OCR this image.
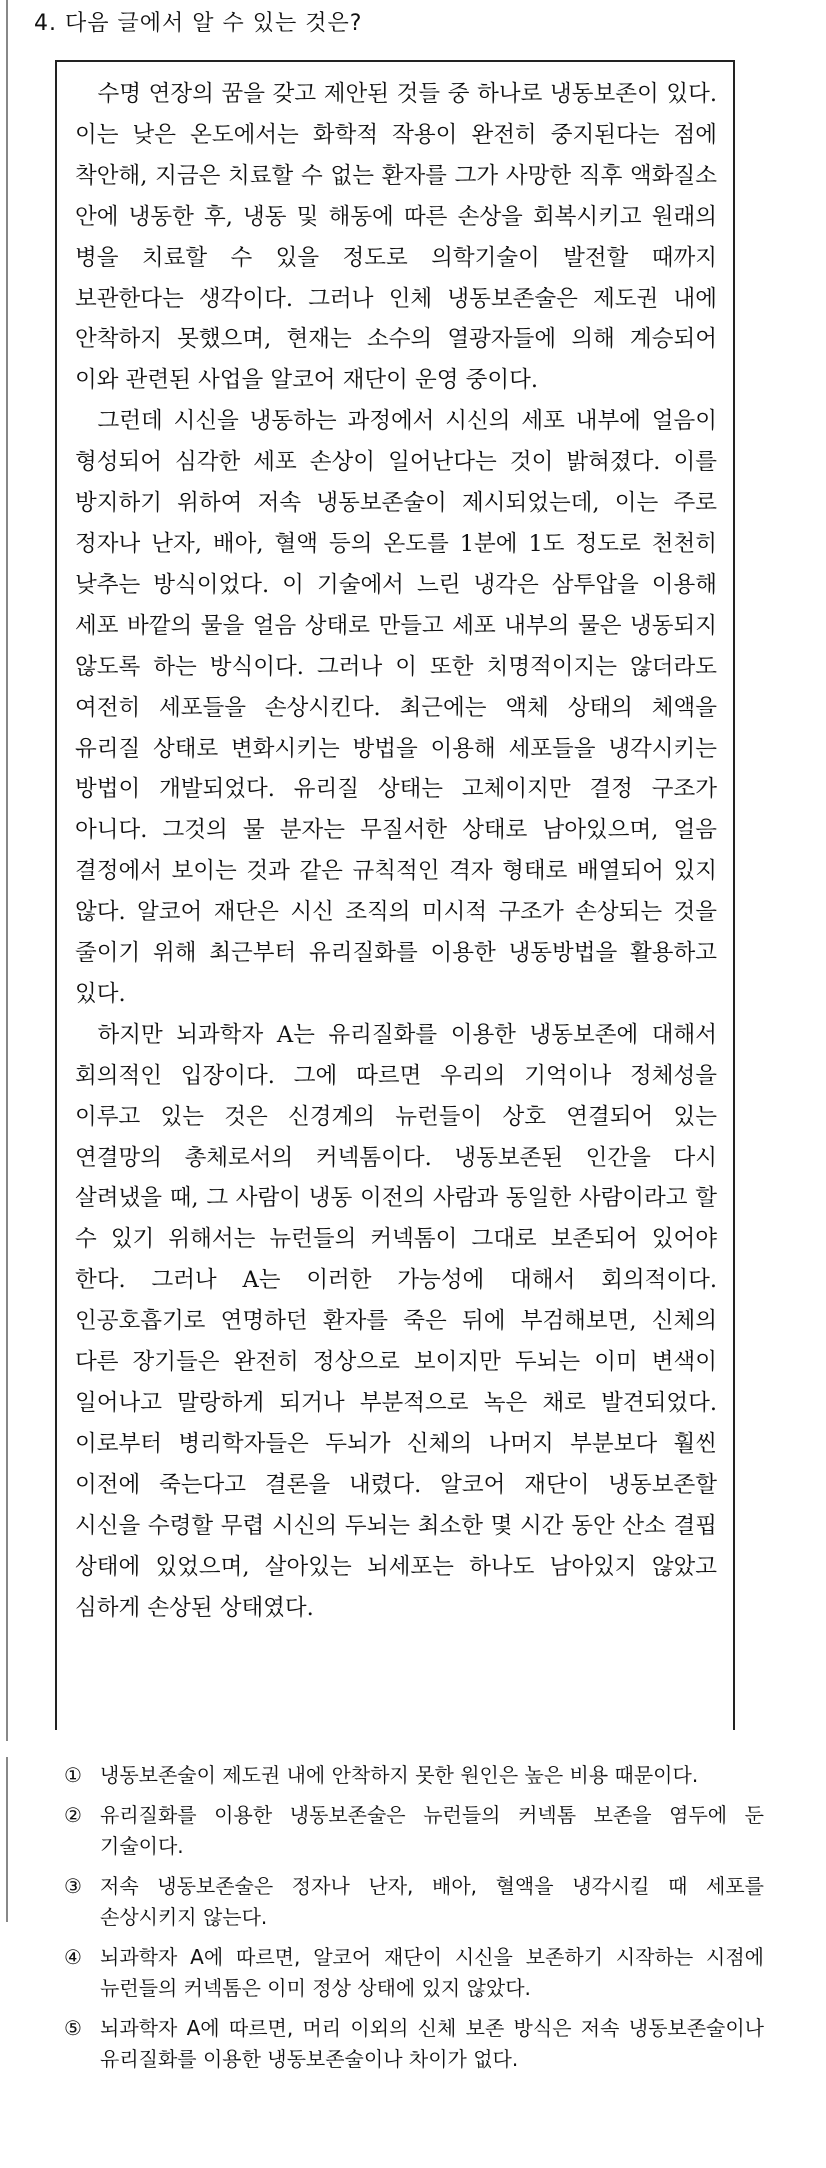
4. 다음 글에서 알 수 있는 것은?

수명 연장의 꿈을 갖고 제안된 것들 중 하나로 냉동보존이 있다. 이는 낮은 온도에서는 화학적 작용이 완전히 중지된다는 점에 착안해, 지금은 치료할 수 없는 환자를 그가 사망한 직후 액화질소 안에 냉동한 후, 냉동 및 해동에 따른 손상을 회복시키고 원래의 병을 치료할 수 있을 정도로 의학기술이 발전할 때까지 보관한다는 생각이다. 그러나 인체 냉동보존술은 제도권 내에 안착하지 못했으며, 현재는 소수의 열광자들에 의해 계승되어 이와 관련된 사업을 알코어 재단이 운영 중이다.

그런데 시신을 냉동하는 과정에서 시신의 세포 내부에 얼음이 형성되어 심각한 세포 손상이 일어난다는 것이 밝혀졌다. 이를 방지하기 위하여 저속 냉동보존술이 제시되었는데, 이는 주로 정자나 난자, 배아, 혈액 등의 온도를 1분에 1도 정도로 천천히 낮추는 방식이었다. 이 기술에서 느린 냉각은 삼투압을 이용해 세포 바깥의 물을 얼음 상태로 만들고 세포 내부의 물은 냉동되지 않도록 하는 방식이다. 그러나 이 또한 치명적이지는 않더라도 여전히 세포들을 손상시킨다. 최근에는 액체 상태의 체액을 유리질 상태로 변화시키는 방법을 이용해 세포들을 냉각시키는 방법이 개발되었다. 유리질 상태는 고체이지만 결정 구조가 아니다. 그것의 물 분자는 무질서한 상태로 남아있으며, 얼음 결정에서 보이는 것과 같은 규칙적인 격자 형태로 배열되어 있지 않다. 알코어 재단은 시신 조직의 미시적 구조가 손상되는 것을 줄이기 위해 최근부터 유리질화를 이용한 냉동방법을 활용하고 있다.

하지만 뇌과학자 A는 유리질화를 이용한 냉동보존에 대해서 회의적인 입장이다. 그에 따르면 우리의 기억이나 정체성을 이루고 있는 것은 신경계의 뉴런들이 상호 연결되어 있는 연결망의 총체로서의 커넥톰이다. 냉동보존된 인간을 다시 살려냈을 때, 그 사람이 냉동 이전의 사람과 동일한 사람이라고 할 수 있기 위해서는 뉴런들의 커넥톰이 그대로 보존되어 있어야 한다. 그러나 A는 이러한 가능성에 대해서 회의적이다. 인공호흡기로 연명하던 환자를 죽은 뒤에 부검해보면, 신체의 다른 장기들은 완전히 정상으로 보이지만 두뇌는 이미 변색이 일어나고 말랑하게 되거나 부분적으로 녹은 채로 발견되었다. 이로부터 병리학자들은 두뇌가 신체의 나머지 부분보다 훨씬 이전에 죽는다고 결론을 내렸다. 알코어 재단이 냉동보존할 시신을 수령할 무렵 시신의 두뇌는 최소한 몇 시간 동안 산소 결핍 상태에 있었으며, 살아있는 뇌세포는 하나도 남아있지 않았고 심하게 손상된 상태였다.

① 냉동보존술이 제도권 내에 안착하지 못한 원인은 높은 비용 때문이다.
② 유리질화를 이용한 냉동보존술은 뉴런들의 커넥톰 보존을 염두에 둔 기술이다.
③ 저속 냉동보존술은 정자나 난자, 배아, 혈액을 냉각시킬 때 세포를 손상시키지 않는다.
④ 뇌과학자 A에 따르면, 알코어 재단이 시신을 보존하기 시작하는 시점에 뉴런들의 커넥톰은 이미 정상 상태에 있지 않았다.
⑤ 뇌과학자 A에 따르면, 머리 이외의 신체 보존 방식은 저속 냉동보존술이나 유리질화를 이용한 냉동보존술이나 차이가 없다.
